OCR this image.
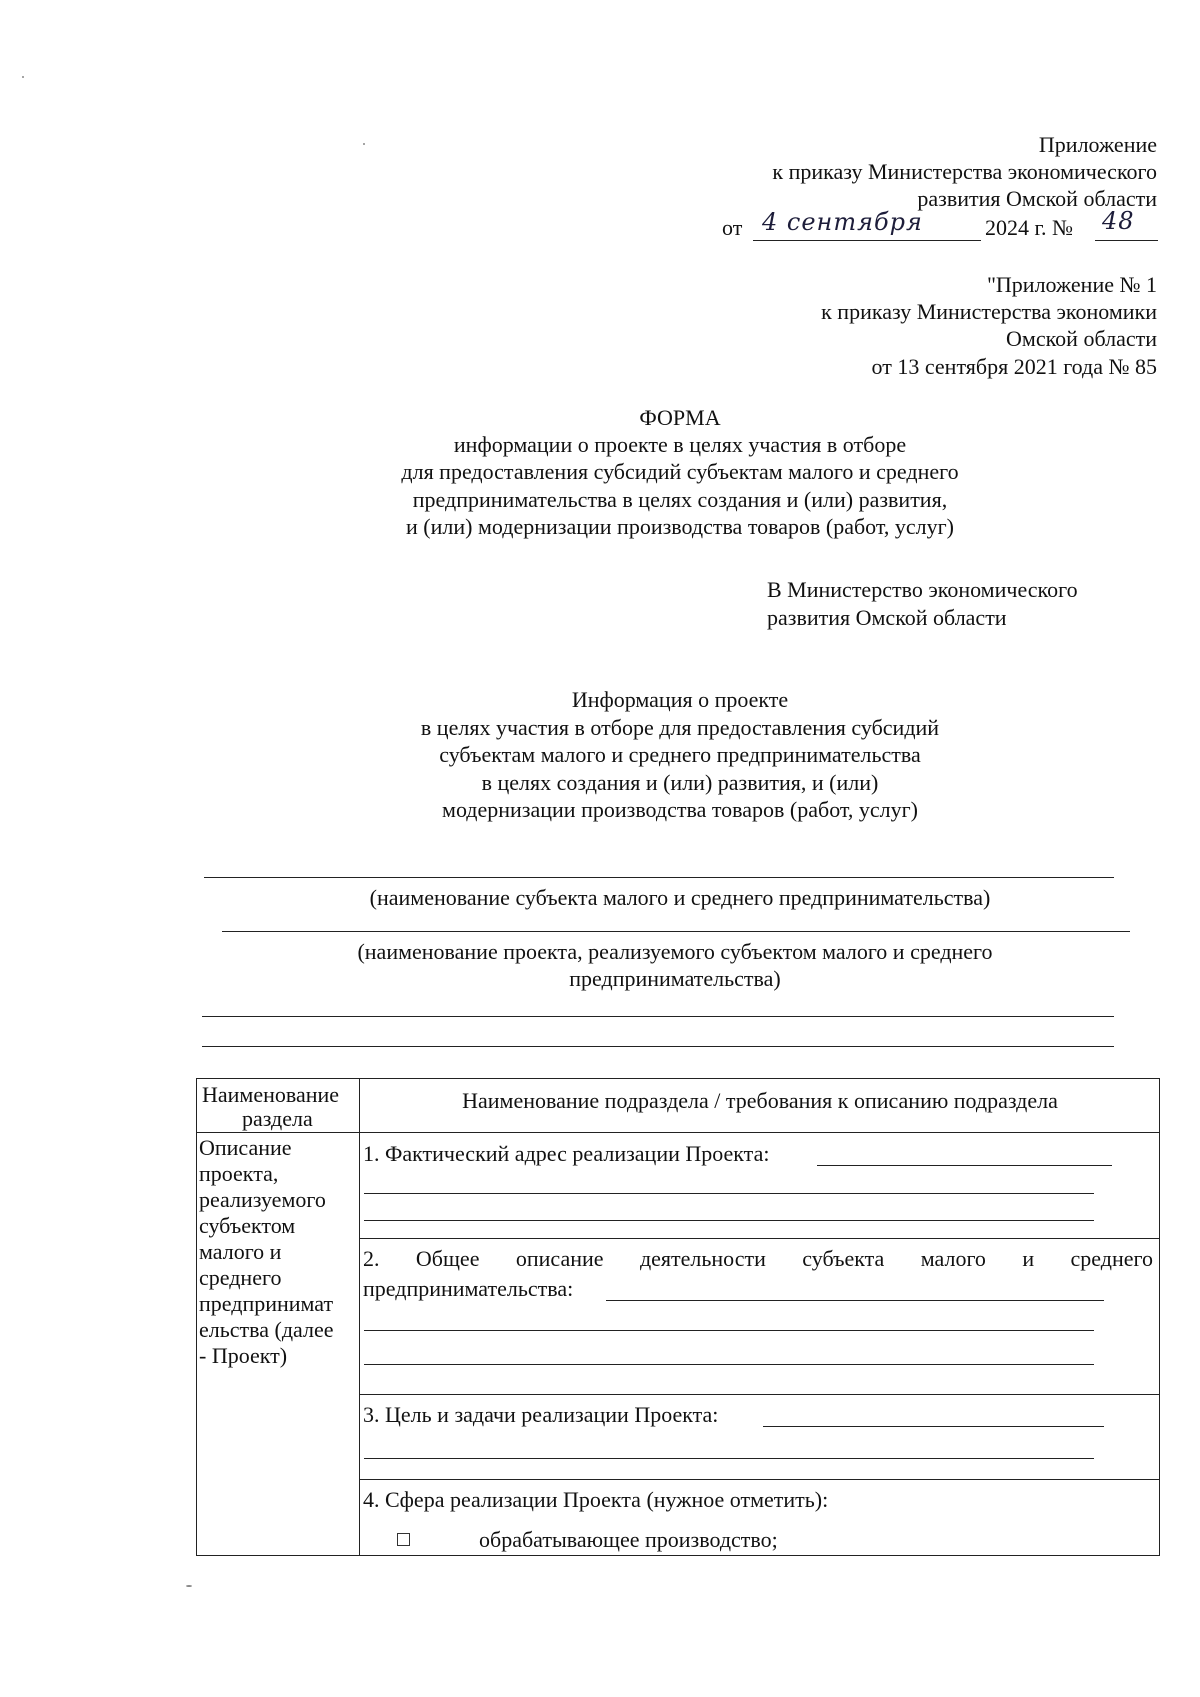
Приложение
к приказу Министерства экономического
развития Омской области
от 4 сентября	2024 г. № 48
"Приложение № 1
к приказу Министерства экономики
Омской области
от 13 сентября 2021 года № 85
ФОРМА
информации о проекте в целях участия в отборе
для предоставления субсидий субъектам малого и среднего
предпринимательства в целях создания и (или) развития,
и (или) модернизации производства товаров (работ, услуг)
В Министерство экономического
развития Омской области
Информация о проекте
в целях участия в отборе для предоставления субсидий
субъектам малого и среднего предпринимательства
в целях создания и (или) развития, и (или)
модернизации производства товаров (работ, услуг)
(наименование субъекта малого и среднего предпринимательства)
(наименование проекта, реализуемого субъектом малого и среднего
предпринимательства)
Наименование
раздела
Наименование подраздела / требования к описанию подраздела
Описание
проекта,
реализуемого
субъектом
малого и
среднего
предпринимат
ельства (далее
- Проект)
1. Фактический адрес реализации Проекта:
2. Общее описание деятельности субъекта малого и среднего
предпринимательства:
3. Цель и задачи реализации Проекта:
4. Сфера реализации Проекта (нужное отметить):
обрабатывающее производство;
